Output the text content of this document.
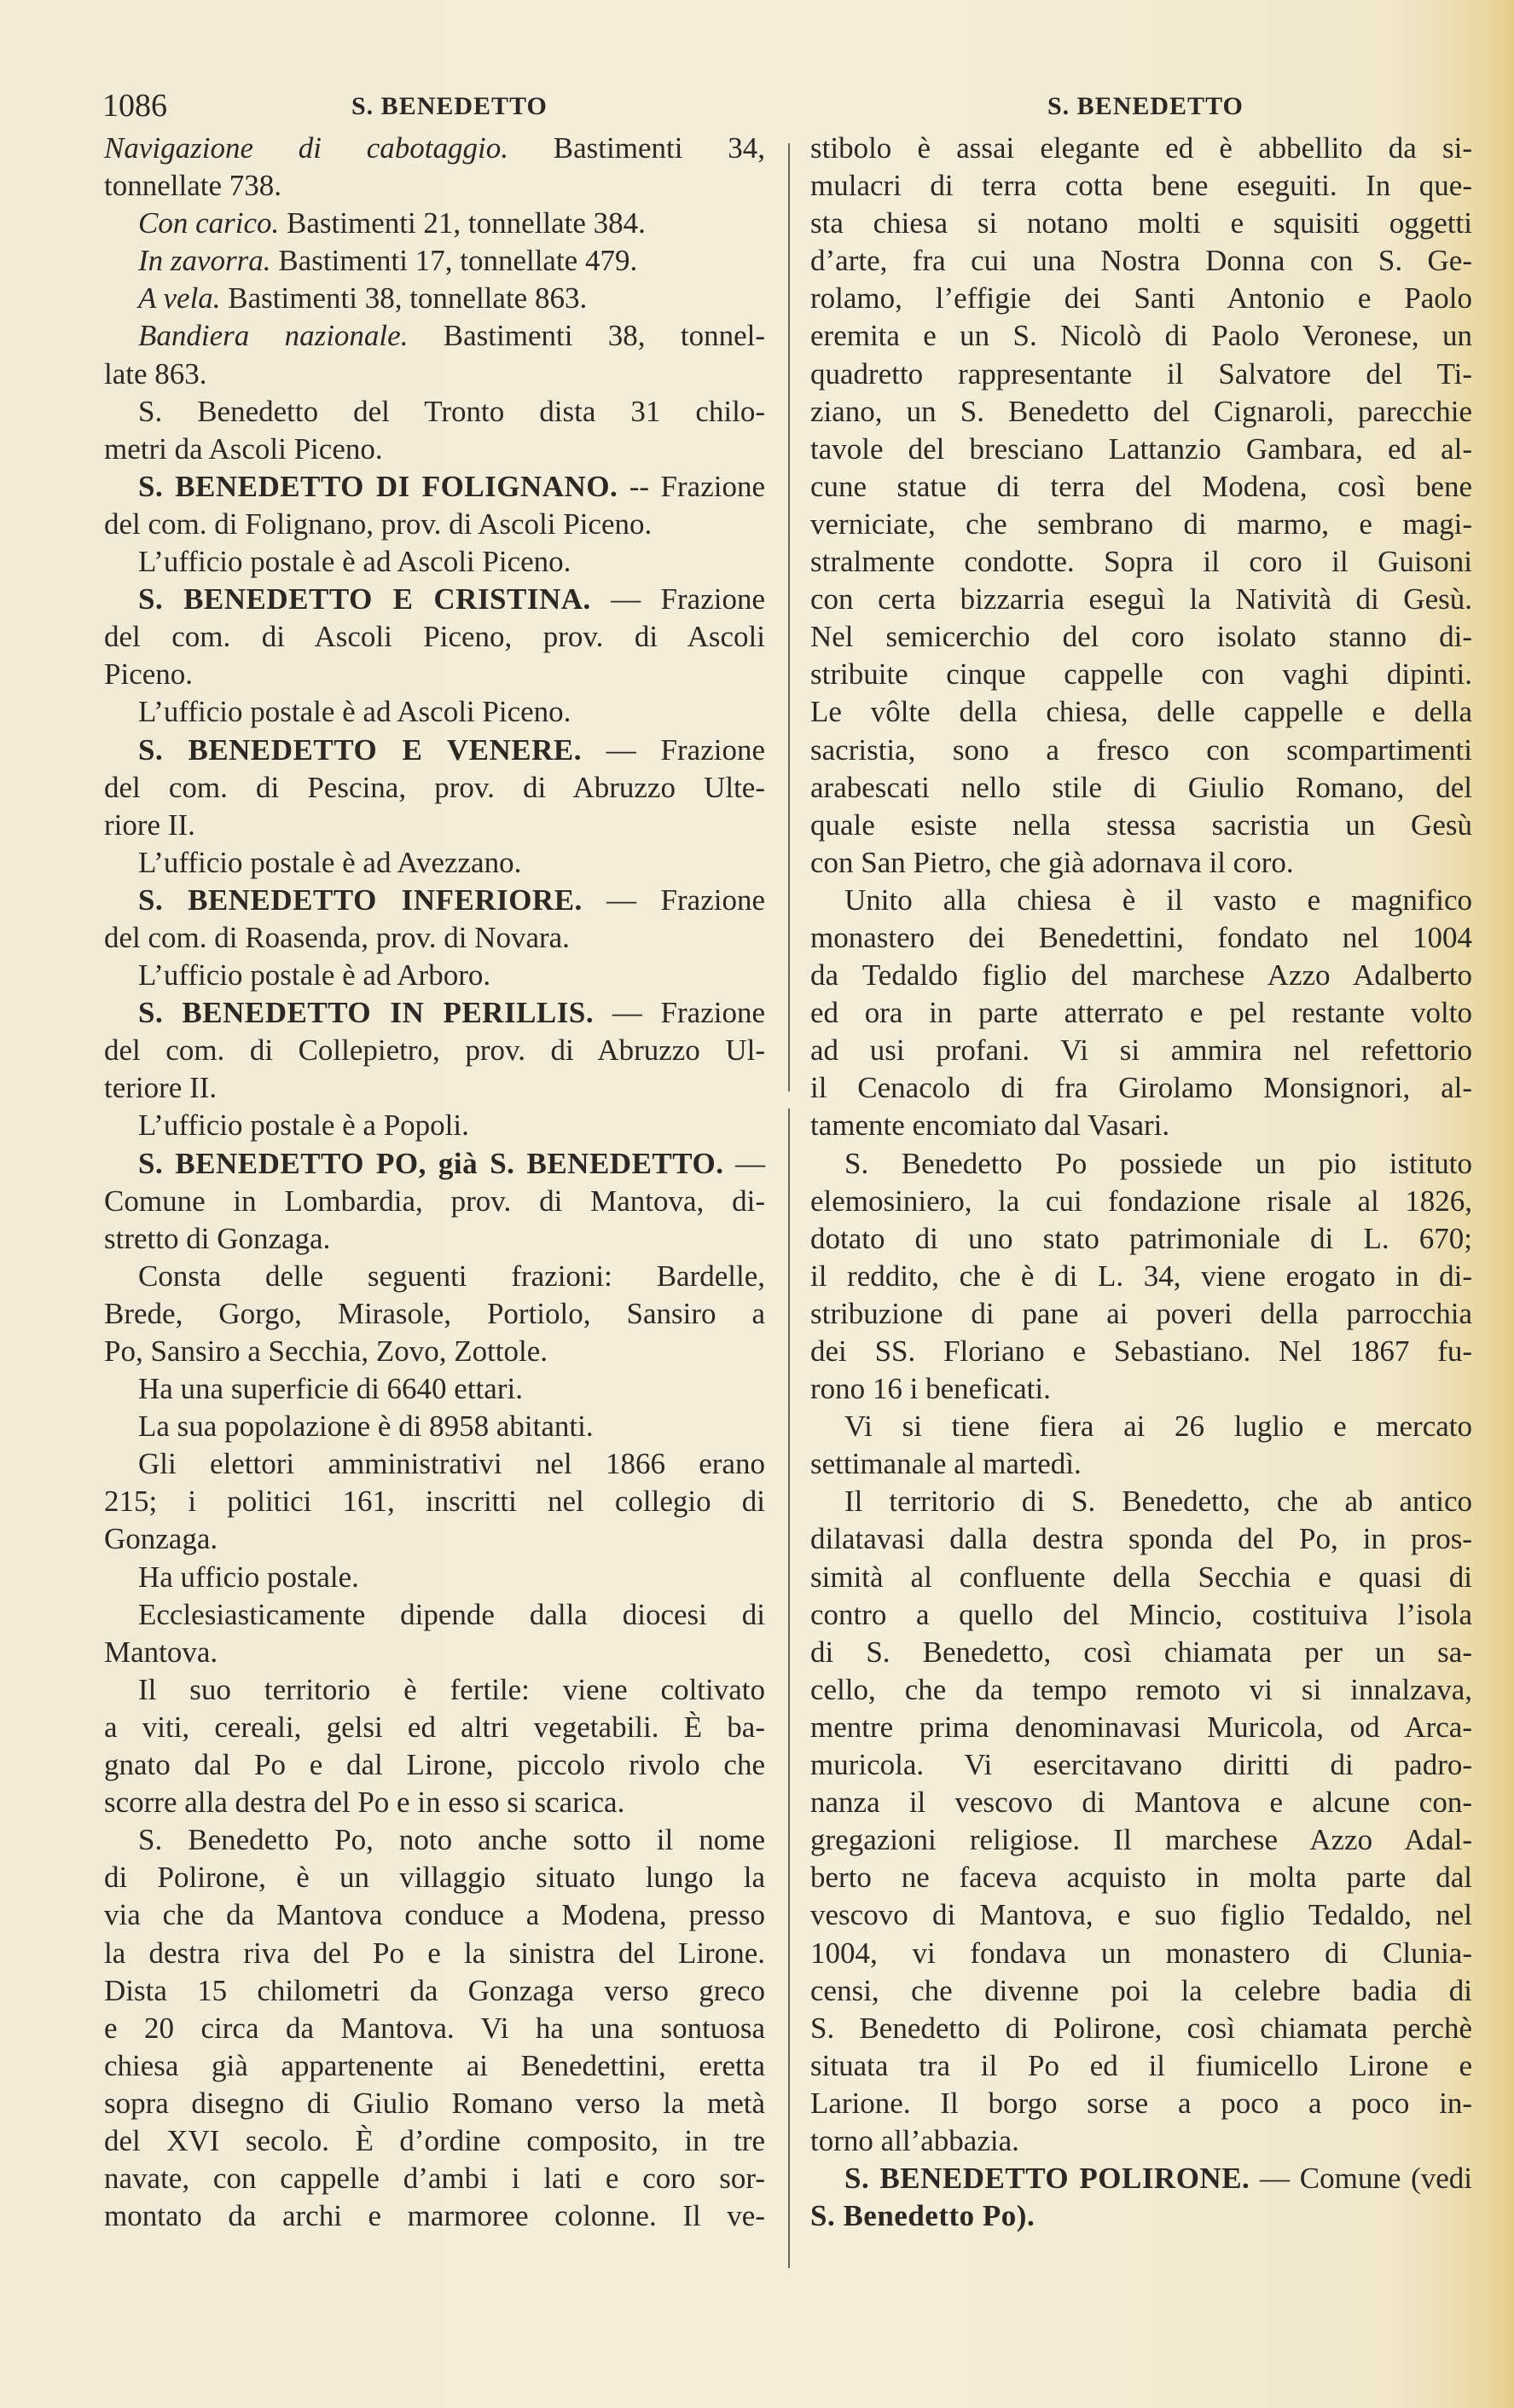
1086	S. BENEDETTO	S. BENEDETTO
Navigazione di cabotaggio. Bastimenti 34,
tonnellate 738.
Con carico. Bastimenti 21, tonnellate 384.
In zavorra. Bastimenti 17, tonnellate 479.
A vela. Bastimenti 38, tonnellate 863.
Bandiera nazionale. Bastimenti 38, tonnel-
late 863.
S. Benedetto del Tronto dista 31 chilo-
metri da Ascoli Piceno.
S. BENEDETTO DI FOLIGNANO. -- Frazione
del com. di Folignano, prov. di Ascoli Piceno.
L’ufficio postale è ad Ascoli Piceno.
S. BENEDETTO E CRISTINA. — Frazione
del com. di Ascoli Piceno, prov. di Ascoli
Piceno.
L’ufficio postale è ad Ascoli Piceno.
S. BENEDETTO E VENERE. — Frazione
del com. di Pescina, prov. di Abruzzo Ulte-
riore II.
L’ufficio postale è ad Avezzano.
S. BENEDETTO INFERIORE. — Frazione
del com. di Roasenda, prov. di Novara.
L’ufficio postale è ad Arboro.
S. BENEDETTO IN PERILLIS. — Frazione
del com. di Collepietro, prov. di Abruzzo Ul-
teriore II.
L’ufficio postale è a Popoli.
S. BENEDETTO PO, già S. BENEDETTO. —
Comune in Lombardia, prov. di Mantova, di-
stretto di Gonzaga.
Consta delle seguenti frazioni: Bardelle,
Brede, Gorgo, Mirasole, Portiolo, Sansiro a
Po, Sansiro a Secchia, Zovo, Zottole.
Ha una superficie di 6640 ettari.
La sua popolazione è di 8958 abitanti.
Gli elettori amministrativi nel 1866 erano
215; i politici 161, inscritti nel collegio di
Gonzaga.
Ha ufficio postale.
Ecclesiasticamente dipende dalla diocesi di
Mantova.
Il suo territorio è fertile: viene coltivato
a viti, cereali, gelsi ed altri vegetabili. È ba-
gnato dal Po e dal Lirone, piccolo rivolo che
scorre alla destra del Po e in esso si scarica.
S. Benedetto Po, noto anche sotto il nome
di Polirone, è un villaggio situato lungo la
via che da Mantova conduce a Modena, presso
la destra riva del Po e la sinistra del Lirone.
Dista 15 chilometri da Gonzaga verso greco
e 20 circa da Mantova. Vi ha una sontuosa
chiesa già appartenente ai Benedettini, eretta
sopra disegno di Giulio Romano verso la metà
del XVI secolo. È d’ordine composito, in tre
navate, con cappelle d’ambi i lati e coro sor-
montato da archi e marmoree colonne. Il ve-
stibolo è assai elegante ed è abbellito da si-
mulacri di terra cotta bene eseguiti. In que-
sta chiesa si notano molti e squisiti oggetti
d’arte, fra cui una Nostra Donna con S. Ge-
rolamo, l’effigie dei Santi Antonio e Paolo
eremita e un S. Nicolò di Paolo Veronese, un
quadretto rappresentante il Salvatore del Ti-
ziano, un S. Benedetto del Cignaroli, parecchie
tavole del bresciano Lattanzio Gambara, ed al-
cune statue di terra del Modena, così bene
verniciate, che sembrano di marmo, e magi-
stralmente condotte. Sopra il coro il Guisoni
con certa bizzarria eseguì la Natività di Gesù.
Nel semicerchio del coro isolato stanno di-
stribuite cinque cappelle con vaghi dipinti.
Le vôlte della chiesa, delle cappelle e della
sacristia, sono a fresco con scompartimenti
arabescati nello stile di Giulio Romano, del
quale esiste nella stessa sacristia un Gesù
con San Pietro, che già adornava il coro.
Unito alla chiesa è il vasto e magnifico
monastero dei Benedettini, fondato nel 1004
da Tedaldo figlio del marchese Azzo Adalberto
ed ora in parte atterrato e pel restante volto
ad usi profani. Vi si ammira nel refettorio
il Cenacolo di fra Girolamo Monsignori, al-
tamente encomiato dal Vasari.
S. Benedetto Po possiede un pio istituto
elemosiniero, la cui fondazione risale al 1826,
dotato di uno stato patrimoniale di L. 670;
il reddito, che è di L. 34, viene erogato in di-
stribuzione di pane ai poveri della parrocchia
dei SS. Floriano e Sebastiano. Nel 1867 fu-
rono 16 i beneficati.
Vi si tiene fiera ai 26 luglio e mercato
settimanale al martedì.
Il territorio di S. Benedetto, che ab antico
dilatavasi dalla destra sponda del Po, in pros-
simità al confluente della Secchia e quasi di
contro a quello del Mincio, costituiva l’isola
di S. Benedetto, così chiamata per un sa-
cello, che da tempo remoto vi si innalzava,
mentre prima denominavasi Muricola, od Arca-
muricola. Vi esercitavano diritti di padro-
nanza il vescovo di Mantova e alcune con-
gregazioni religiose. Il marchese Azzo Adal-
berto ne faceva acquisto in molta parte dal
vescovo di Mantova, e suo figlio Tedaldo, nel
1004, vi fondava un monastero di Clunia-
censi, che divenne poi la celebre badia di
S. Benedetto di Polirone, così chiamata perchè
situata tra il Po ed il fiumicello Lirone e
Larione. Il borgo sorse a poco a poco in-
torno all’abbazia.
S. BENEDETTO POLIRONE. — Comune (vedi
S. Benedetto Po).
